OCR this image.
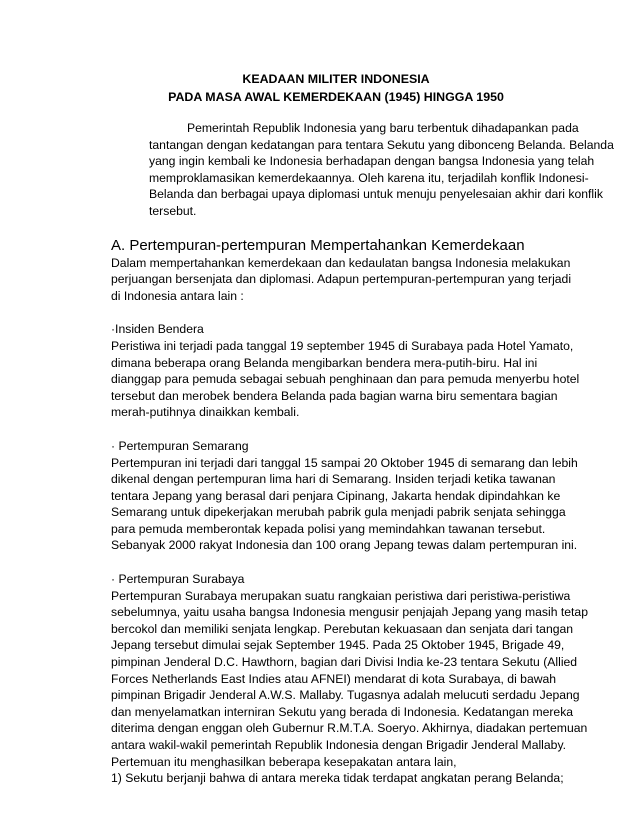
KEADAAN MILITER INDONESIA
PADA MASA AWAL KEMERDEKAAN (1945) HINGGA 1950
Pemerintah Republik Indonesia yang baru terbentuk dihadapankan pada
tantangan dengan kedatangan para tentara Sekutu yang dibonceng Belanda. Belanda
yang ingin kembali ke Indonesia berhadapan dengan bangsa Indonesia yang telah
memproklamasikan kemerdekaannya. Oleh karena itu, terjadilah konflik Indonesi-
Belanda dan berbagai upaya diplomasi untuk menuju penyelesaian akhir dari konflik
tersebut.
A. Pertempuran-pertempuran Mempertahankan Kemerdekaan
Dalam mempertahankan kemerdekaan dan kedaulatan bangsa Indonesia melakukan
perjuangan bersenjata dan diplomasi. Adapun pertempuran-pertempuran yang terjadi
di Indonesia antara lain :

·Insiden Bendera

Peristiwa ini terjadi pada tanggal 19 september 1945 di Surabaya pada Hotel Yamato,
dimana beberapa orang Belanda mengibarkan bendera mera-putih-biru. Hal ini
dianggap para pemuda sebagai sebuah penghinaan dan para pemuda menyerbu hotel
tersebut dan merobek bendera Belanda pada bagian warna biru sementara bagian
merah-putihnya dinaikkan kembali.

· Pertempuran Semarang

Pertempuran ini terjadi dari tanggal 15 sampai 20 Oktober 1945 di semarang dan lebih
dikenal dengan pertempuran lima hari di Semarang. Insiden terjadi ketika tawanan
tentara Jepang yang berasal dari penjara Cipinang, Jakarta hendak dipindahkan ke
Semarang untuk dipekerjakan merubah pabrik gula menjadi pabrik senjata sehingga
para pemuda memberontak kepada polisi yang memindahkan tawanan tersebut.
Sebanyak 2000 rakyat Indonesia dan 100 orang Jepang tewas dalam pertempuran ini.

· Pertempuran Surabaya

Pertempuran Surabaya merupakan suatu rangkaian peristiwa dari peristiwa-peristiwa
sebelumnya, yaitu usaha bangsa Indonesia mengusir penjajah Jepang yang masih tetap
bercokol dan memiliki senjata lengkap. Perebutan kekuasaan dan senjata dari tangan
Jepang tersebut dimulai sejak September 1945. Pada 25 Oktober 1945, Brigade 49,
pimpinan Jenderal D.C. Hawthorn, bagian dari Divisi India ke-23 tentara Sekutu (Allied
Forces Netherlands East Indies atau AFNEI) mendarat di kota Surabaya, di bawah
pimpinan Brigadir Jenderal A.W.S. Mallaby. Tugasnya adalah melucuti serdadu Jepang
dan menyelamatkan interniran Sekutu yang berada di Indonesia. Kedatangan mereka
diterima dengan enggan oleh Gubernur R.M.T.A. Soeryo. Akhirnya, diadakan pertemuan
antara wakil-wakil pemerintah Republik Indonesia dengan Brigadir Jenderal Mallaby.
Pertemuan itu menghasilkan beberapa kesepakatan antara lain,
1) Sekutu berjanji bahwa di antara mereka tidak terdapat angkatan perang Belanda;
